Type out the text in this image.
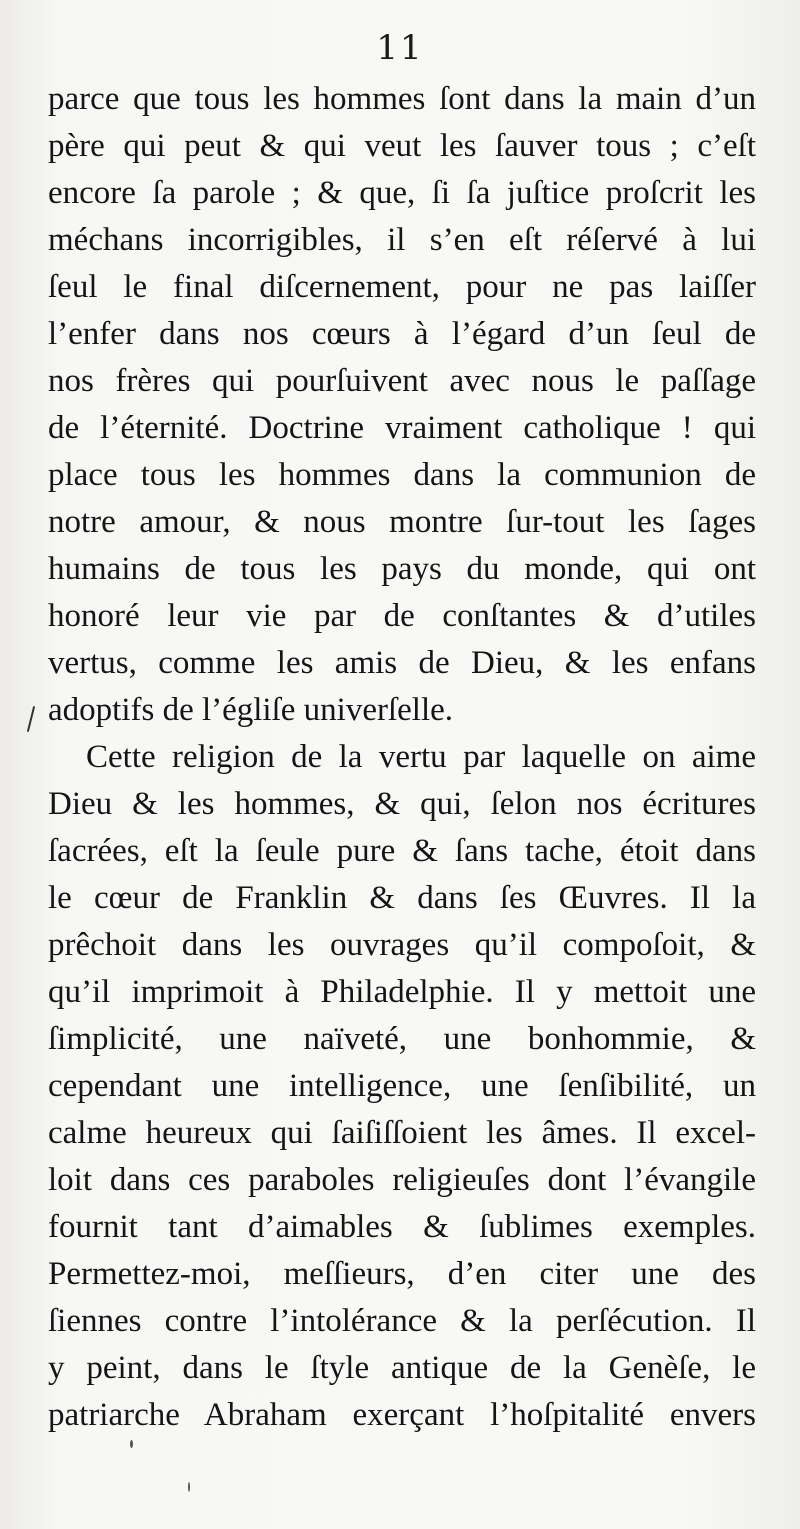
11
parce que tous les hommes ſont dans la main d’un
père qui peut & qui veut les ſauver tous ; c’eſt
encore ſa parole ; & que, ſi ſa juſtice proſcrit les
méchans incorrigibles, il s’en eſt réſervé à lui
ſeul le final diſcernement, pour ne pas laiſſer
l’enfer dans nos cœurs à l’égard d’un ſeul de
nos frères qui pourſuivent avec nous le paſſage
de l’éternité. Doctrine vraiment catholique ! qui
place tous les hommes dans la communion de
notre amour, & nous montre ſur-tout les ſages
humains de tous les pays du monde, qui ont
honoré leur vie par de conſtantes & d’utiles
vertus, comme les amis de Dieu, & les enfans
adoptifs de l’égliſe univerſelle.
Cette religion de la vertu par laquelle on aime
Dieu & les hommes, & qui, ſelon nos écritures
ſacrées, eſt la ſeule pure & ſans tache, étoit dans
le cœur de Franklin & dans ſes Œuvres. Il la
prêchoit dans les ouvrages qu’il compoſoit, &
qu’il imprimoit à Philadelphie. Il y mettoit une
ſimplicité, une naïveté, une bonhommie, &
cependant une intelligence, une ſenſibilité, un
calme heureux qui ſaiſiſſoient les âmes. Il excel-
loit dans ces paraboles religieuſes dont l’évangile
fournit tant d’aimables & ſublimes exemples.
Permettez-moi, meſſieurs, d’en citer une des
ſiennes contre l’intolérance & la perſécution. Il
y peint, dans le ſtyle antique de la Genèſe, le
patriarche Abraham exerçant l’hoſpitalité envers
